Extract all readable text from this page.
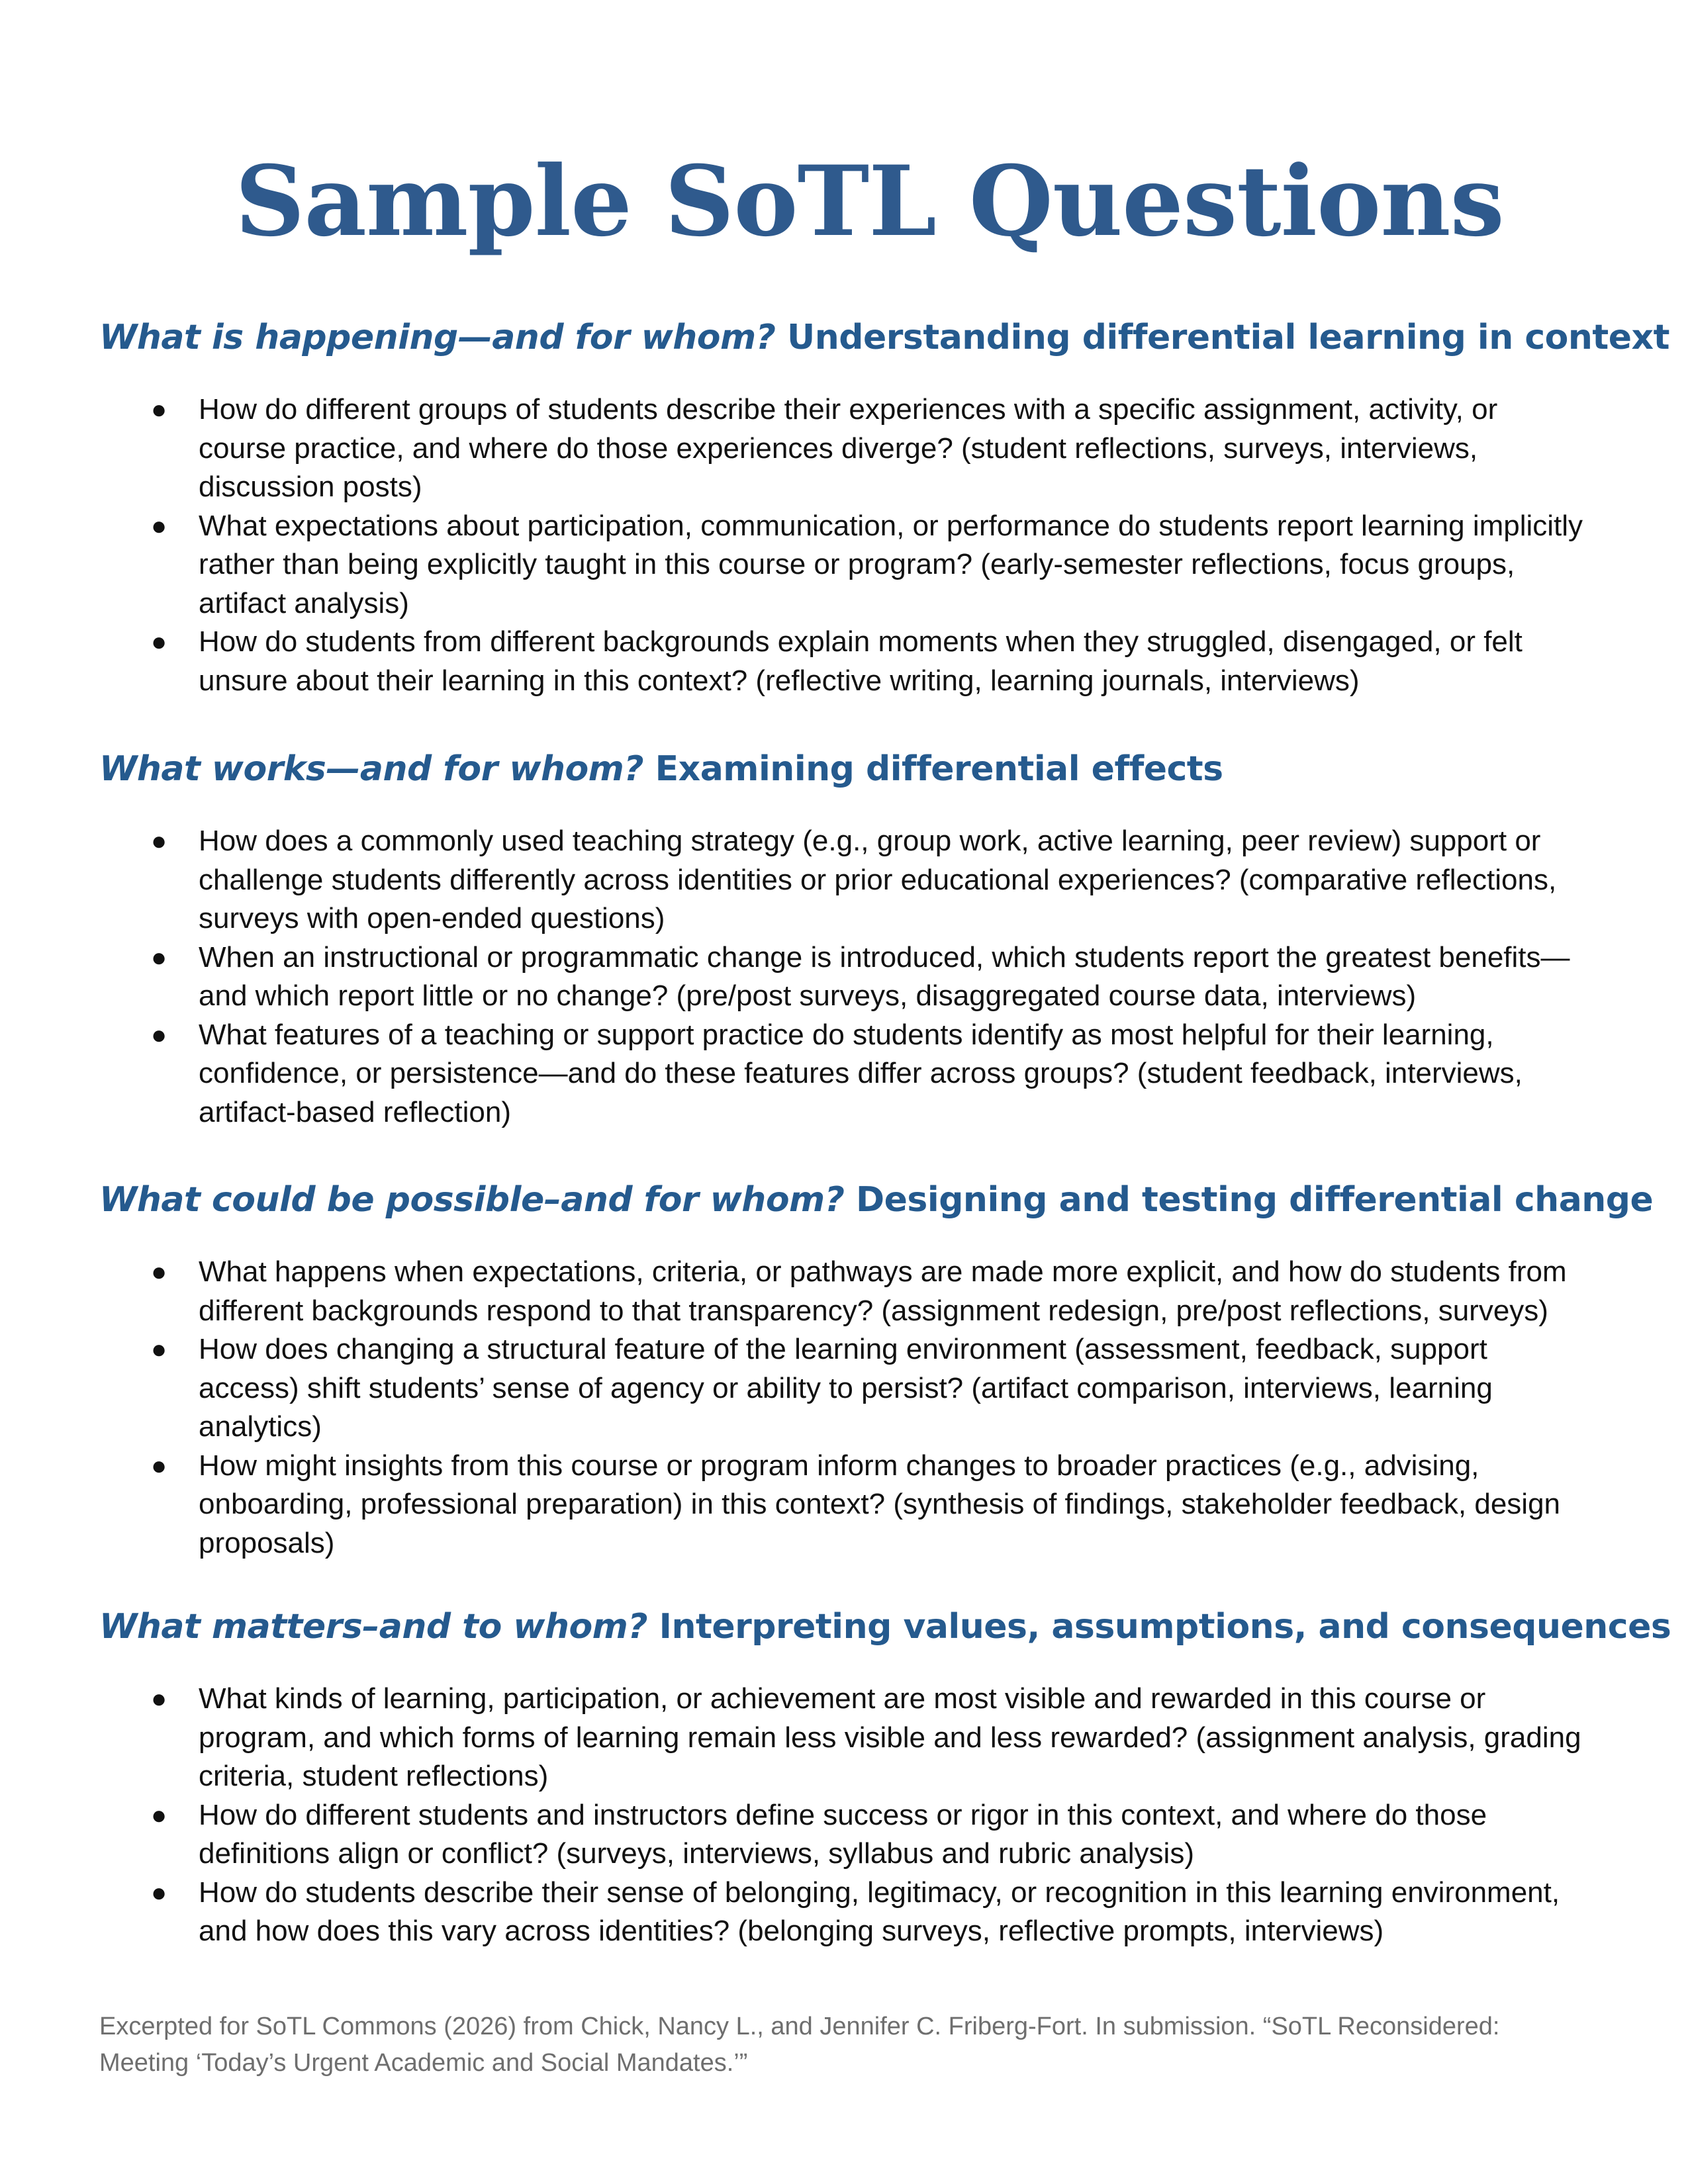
Sample SoTL Questions
What is happening—and for whom? Understanding differential learning in context
● How do different groups of students describe their experiences with a specific assignment, activity, or course practice, and where do those experiences diverge? (student reflections, surveys, interviews, discussion posts)
● What expectations about participation, communication, or performance do students report learning implicitly rather than being explicitly taught in this course or program? (early-semester reflections, focus groups, artifact analysis)
● How do students from different backgrounds explain moments when they struggled, disengaged, or felt unsure about their learning in this context? (reflective writing, learning journals, interviews)
What works—and for whom? Examining differential effects
● How does a commonly used teaching strategy (e.g., group work, active learning, peer review) support or challenge students differently across identities or prior educational experiences? (comparative reflections, surveys with open-ended questions)
● When an instructional or programmatic change is introduced, which students report the greatest benefits—and which report little or no change? (pre/post surveys, disaggregated course data, interviews)
● What features of a teaching or support practice do students identify as most helpful for their learning, confidence, or persistence—and do these features differ across groups? (student feedback, interviews, artifact-based reflection)
What could be possible–and for whom? Designing and testing differential change
● What happens when expectations, criteria, or pathways are made more explicit, and how do students from different backgrounds respond to that transparency? (assignment redesign, pre/post reflections, surveys)
● How does changing a structural feature of the learning environment (assessment, feedback, support access) shift students’ sense of agency or ability to persist? (artifact comparison, interviews, learning analytics)
● How might insights from this course or program inform changes to broader practices (e.g., advising, onboarding, professional preparation) in this context? (synthesis of findings, stakeholder feedback, design proposals)
What matters–and to whom? Interpreting values, assumptions, and consequences
● What kinds of learning, participation, or achievement are most visible and rewarded in this course or program, and which forms of learning remain less visible and less rewarded? (assignment analysis, grading criteria, student reflections)
● How do different students and instructors define success or rigor in this context, and where do those definitions align or conflict? (surveys, interviews, syllabus and rubric analysis)
● How do students describe their sense of belonging, legitimacy, or recognition in this learning environment, and how does this vary across identities? (belonging surveys, reflective prompts, interviews)

Excerpted for SoTL Commons (2026) from Chick, Nancy L., and Jennifer C. Friberg-Fort. In submission. “SoTL Reconsidered: Meeting ‘Today’s Urgent Academic and Social Mandates.’”
